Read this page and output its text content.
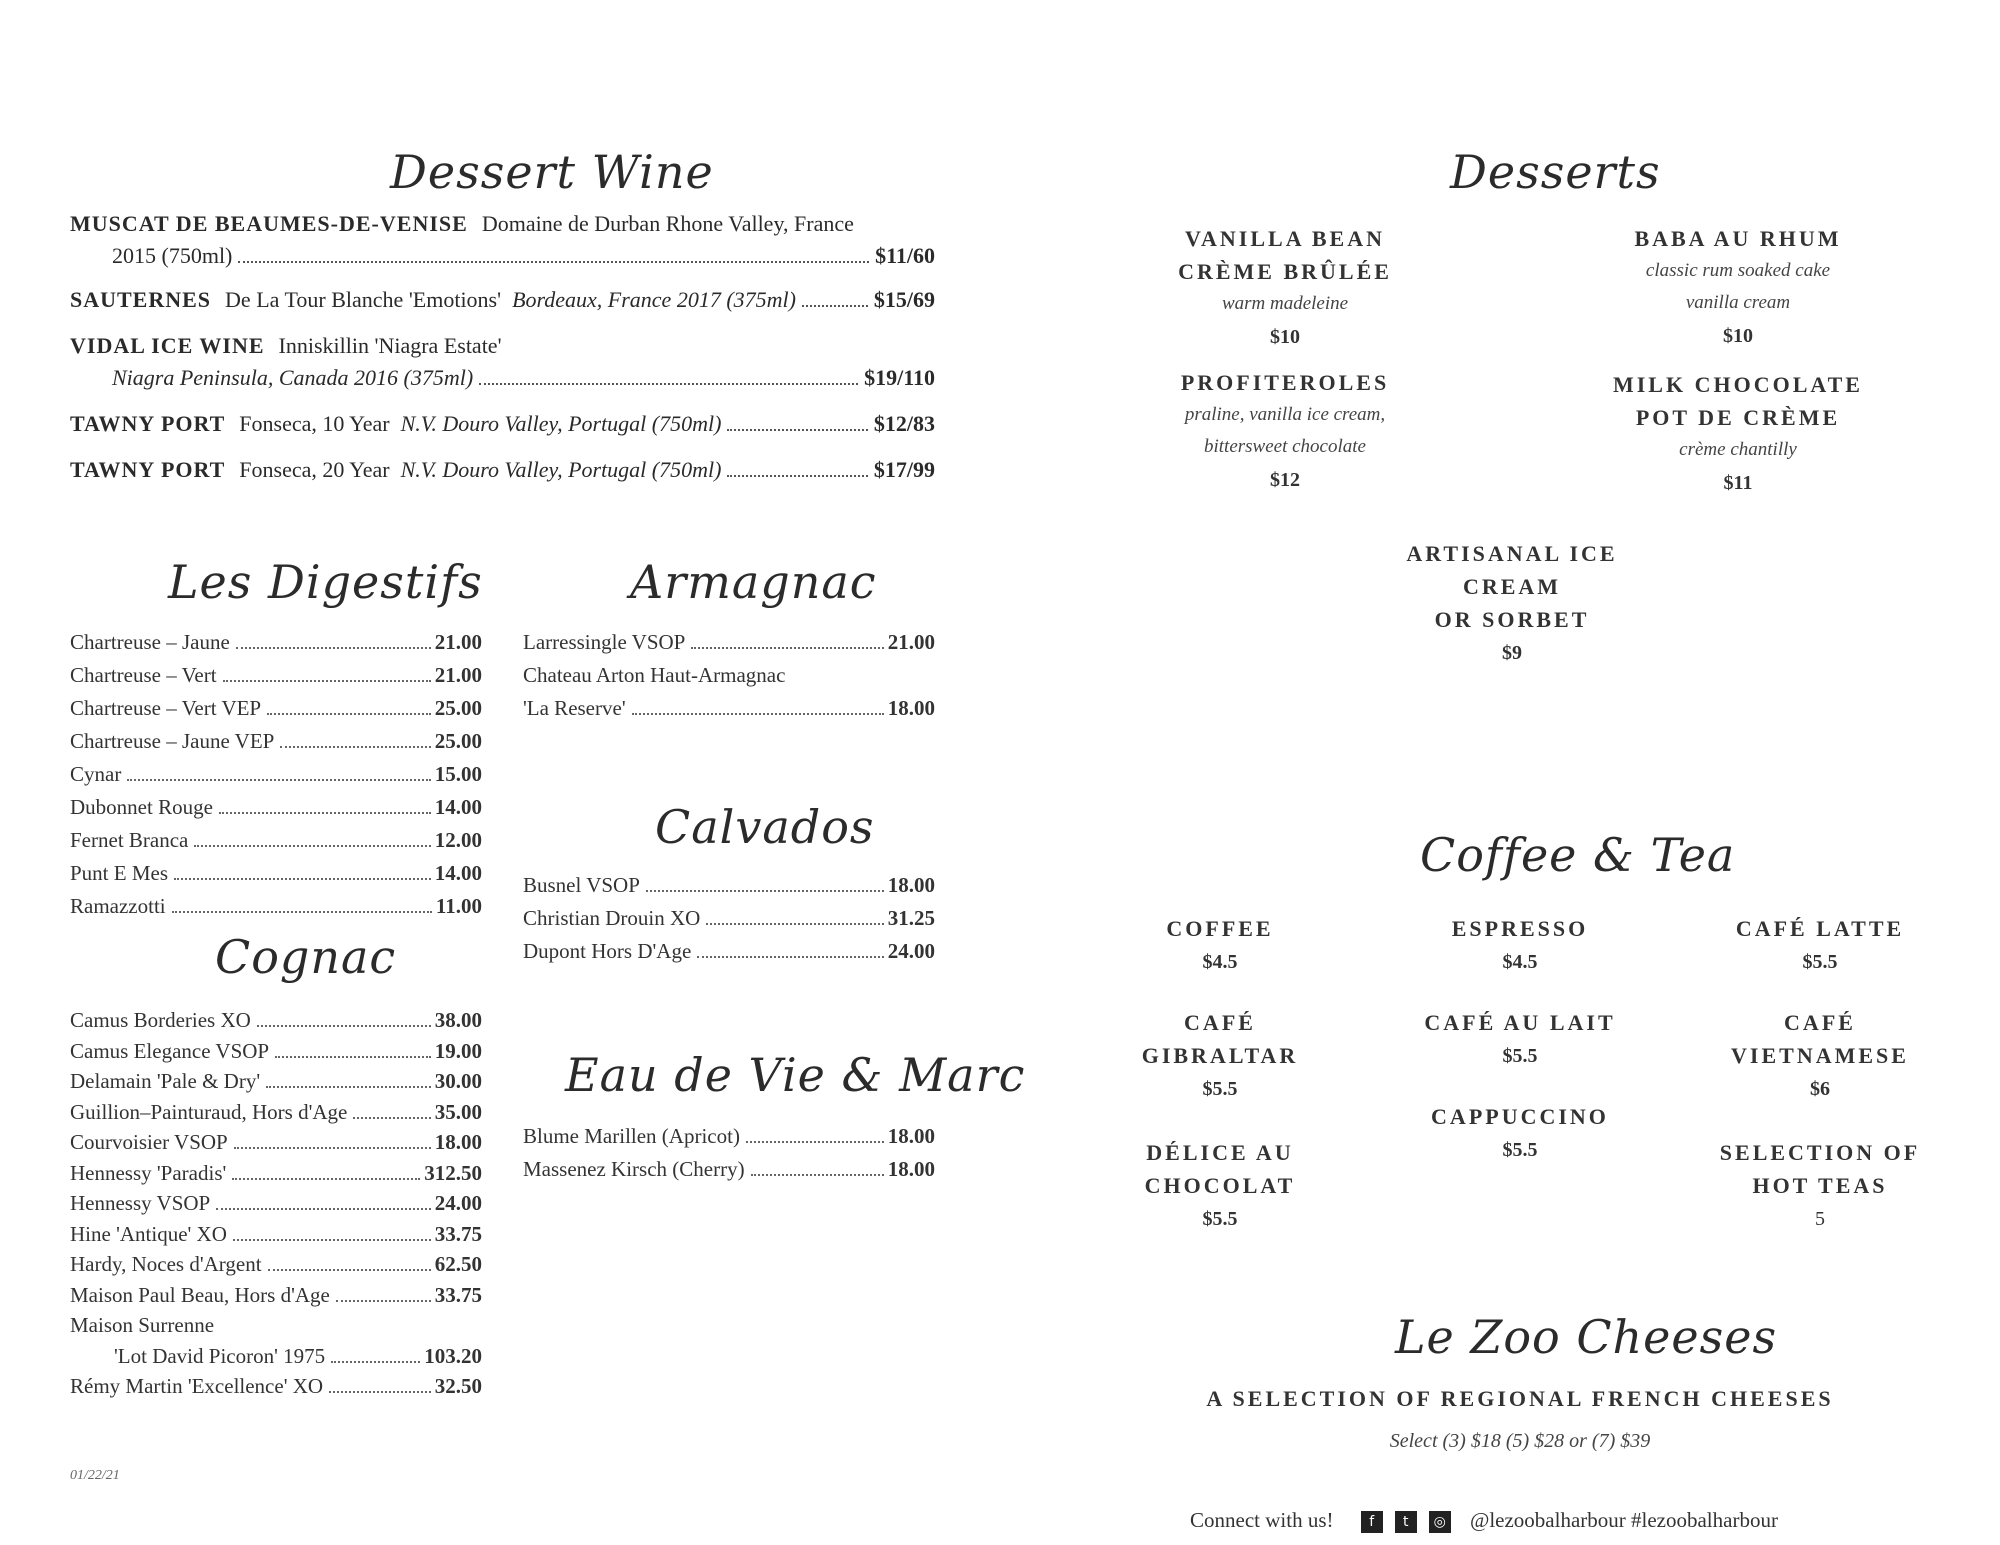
Dessert Wine
MUSCAT DE BEAUMES-DE-VENISE Domaine de Durban Rhone Valley, France
2015 (750ml)	$11/60
SAUTERNES De La Tour Blanche 'Emotions'
Bordeaux, France 2017 (375ml)	$15/69
VIDAL ICE WINE Inniskillin 'Niagra Estate'
Niagra Peninsula, Canada 2016 (375ml)	$19/110
TAWNY PORT Fonseca, 10 Year
N.V. Douro Valley, Portugal (750ml)	$12/83
TAWNY PORT Fonseca, 20 Year
N.V. Douro Valley, Portugal (750ml)	$17/99
Les Digestifs
Chartreuse – Jaune	21.00
Chartreuse – Vert	21.00
Chartreuse – Vert VEP	25.00
Chartreuse – Jaune VEP	25.00
Cynar	15.00
Dubonnet Rouge	14.00
Fernet Branca	12.00
Punt E Mes	14.00
Ramazzotti	11.00
Cognac
Camus Borderies XO	38.00
Camus Elegance VSOP	19.00
Delamain 'Pale & Dry'	30.00
Guillion–Painturaud, Hors d'Age	35.00
Courvoisier VSOP	18.00
Hennessy 'Paradis'	312.50
Hennessy VSOP	24.00
Hine 'Antique' XO	33.75
Hardy, Noces d'Argent	62.50
Maison Paul Beau, Hors d'Age	33.75
Maison Surrenne
'Lot David Picoron' 1975	103.20
Rémy Martin 'Excellence' XO	32.50
Armagnac
Larressingle VSOP	21.00
Chateau Arton Haut-Armagnac
'La Reserve'	18.00
Calvados
Busnel VSOP	18.00
Christian Drouin XO	31.25
Dupont Hors D'Age	24.00
Eau de Vie & Marc
Blume Marillen (Apricot)	18.00
Massenez Kirsch (Cherry)	18.00
01/22/21
Desserts
VANILLA BEAN
CRÈME BRÛLÉE
warm madeleine
$10
BABA AU RHUM
classic rum soaked cake
vanilla cream
$10
PROFITEROLES
praline, vanilla ice cream,
bittersweet chocolate
$12
MILK CHOCOLATE
POT DE CRÈME
crème chantilly
$11
ARTISANAL ICE CREAM
OR SORBET
$9
Coffee & Tea
COFFEE
$4.5
ESPRESSO
$4.5
CAFÉ LATTE
$5.5
CAFÉ
GIBRALTAR
$5.5
CAFÉ AU LAIT
$5.5
CAFÉ
VIETNAMESE
$6
CAPPUCCINO
$5.5
DÉLICE AU
CHOCOLAT
$5.5
SELECTION OF
HOT TEAS
5
Le Zoo Cheeses
A SELECTION OF REGIONAL FRENCH CHEESES
Select (3) $18 (5) $28 or (7) $39
Connect with us!	f	t	◎ @lezoobalharbour #lezoobalharbour
